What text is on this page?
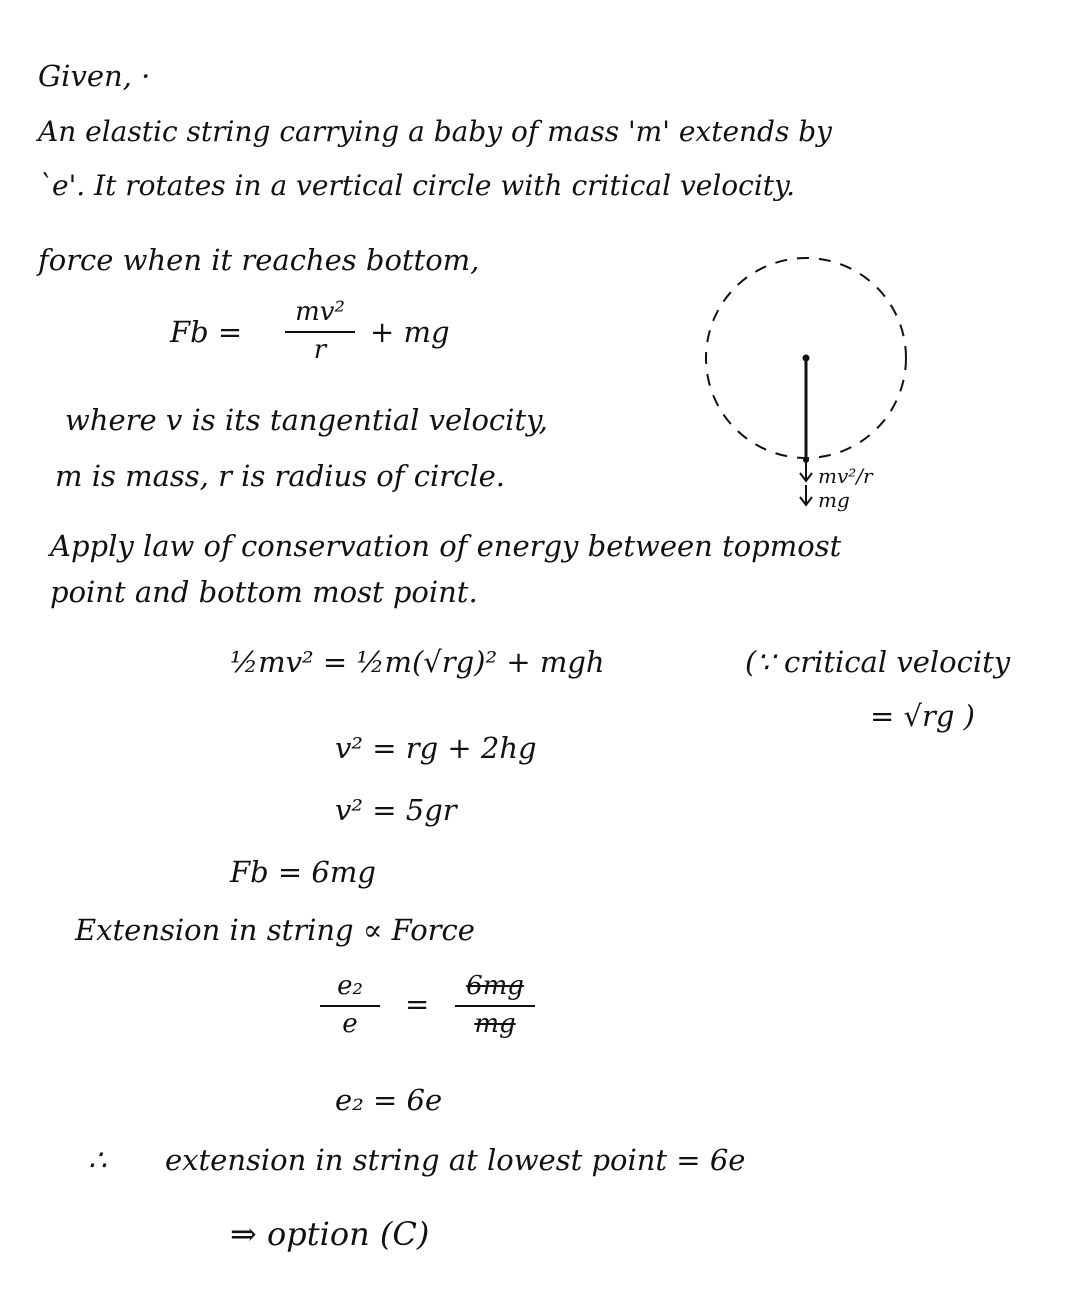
Given, ·
An elastic string carrying a baby of mass 'm' extends by
`e'. It rotates in a vertical circle with critical velocity.
force when it reaches bottom,
Fb =
mv²
r
+ mg
where v is its tangential velocity,
m is mass, r is radius of circle.
Apply law of conservation of energy between topmost
point and bottom most point.
½mv² = ½m(√rg)² + mgh	(∵ critical velocity
= √rg )
v² = rg + 2hg
v² = 5gr
Fb = 6mg
Extension in string ∝ Force
e₂
e
=
6mg
mg
e₂ = 6e
∴ extension in string at lowest point = 6e
⇒ option (C)
mv²/r
mg
